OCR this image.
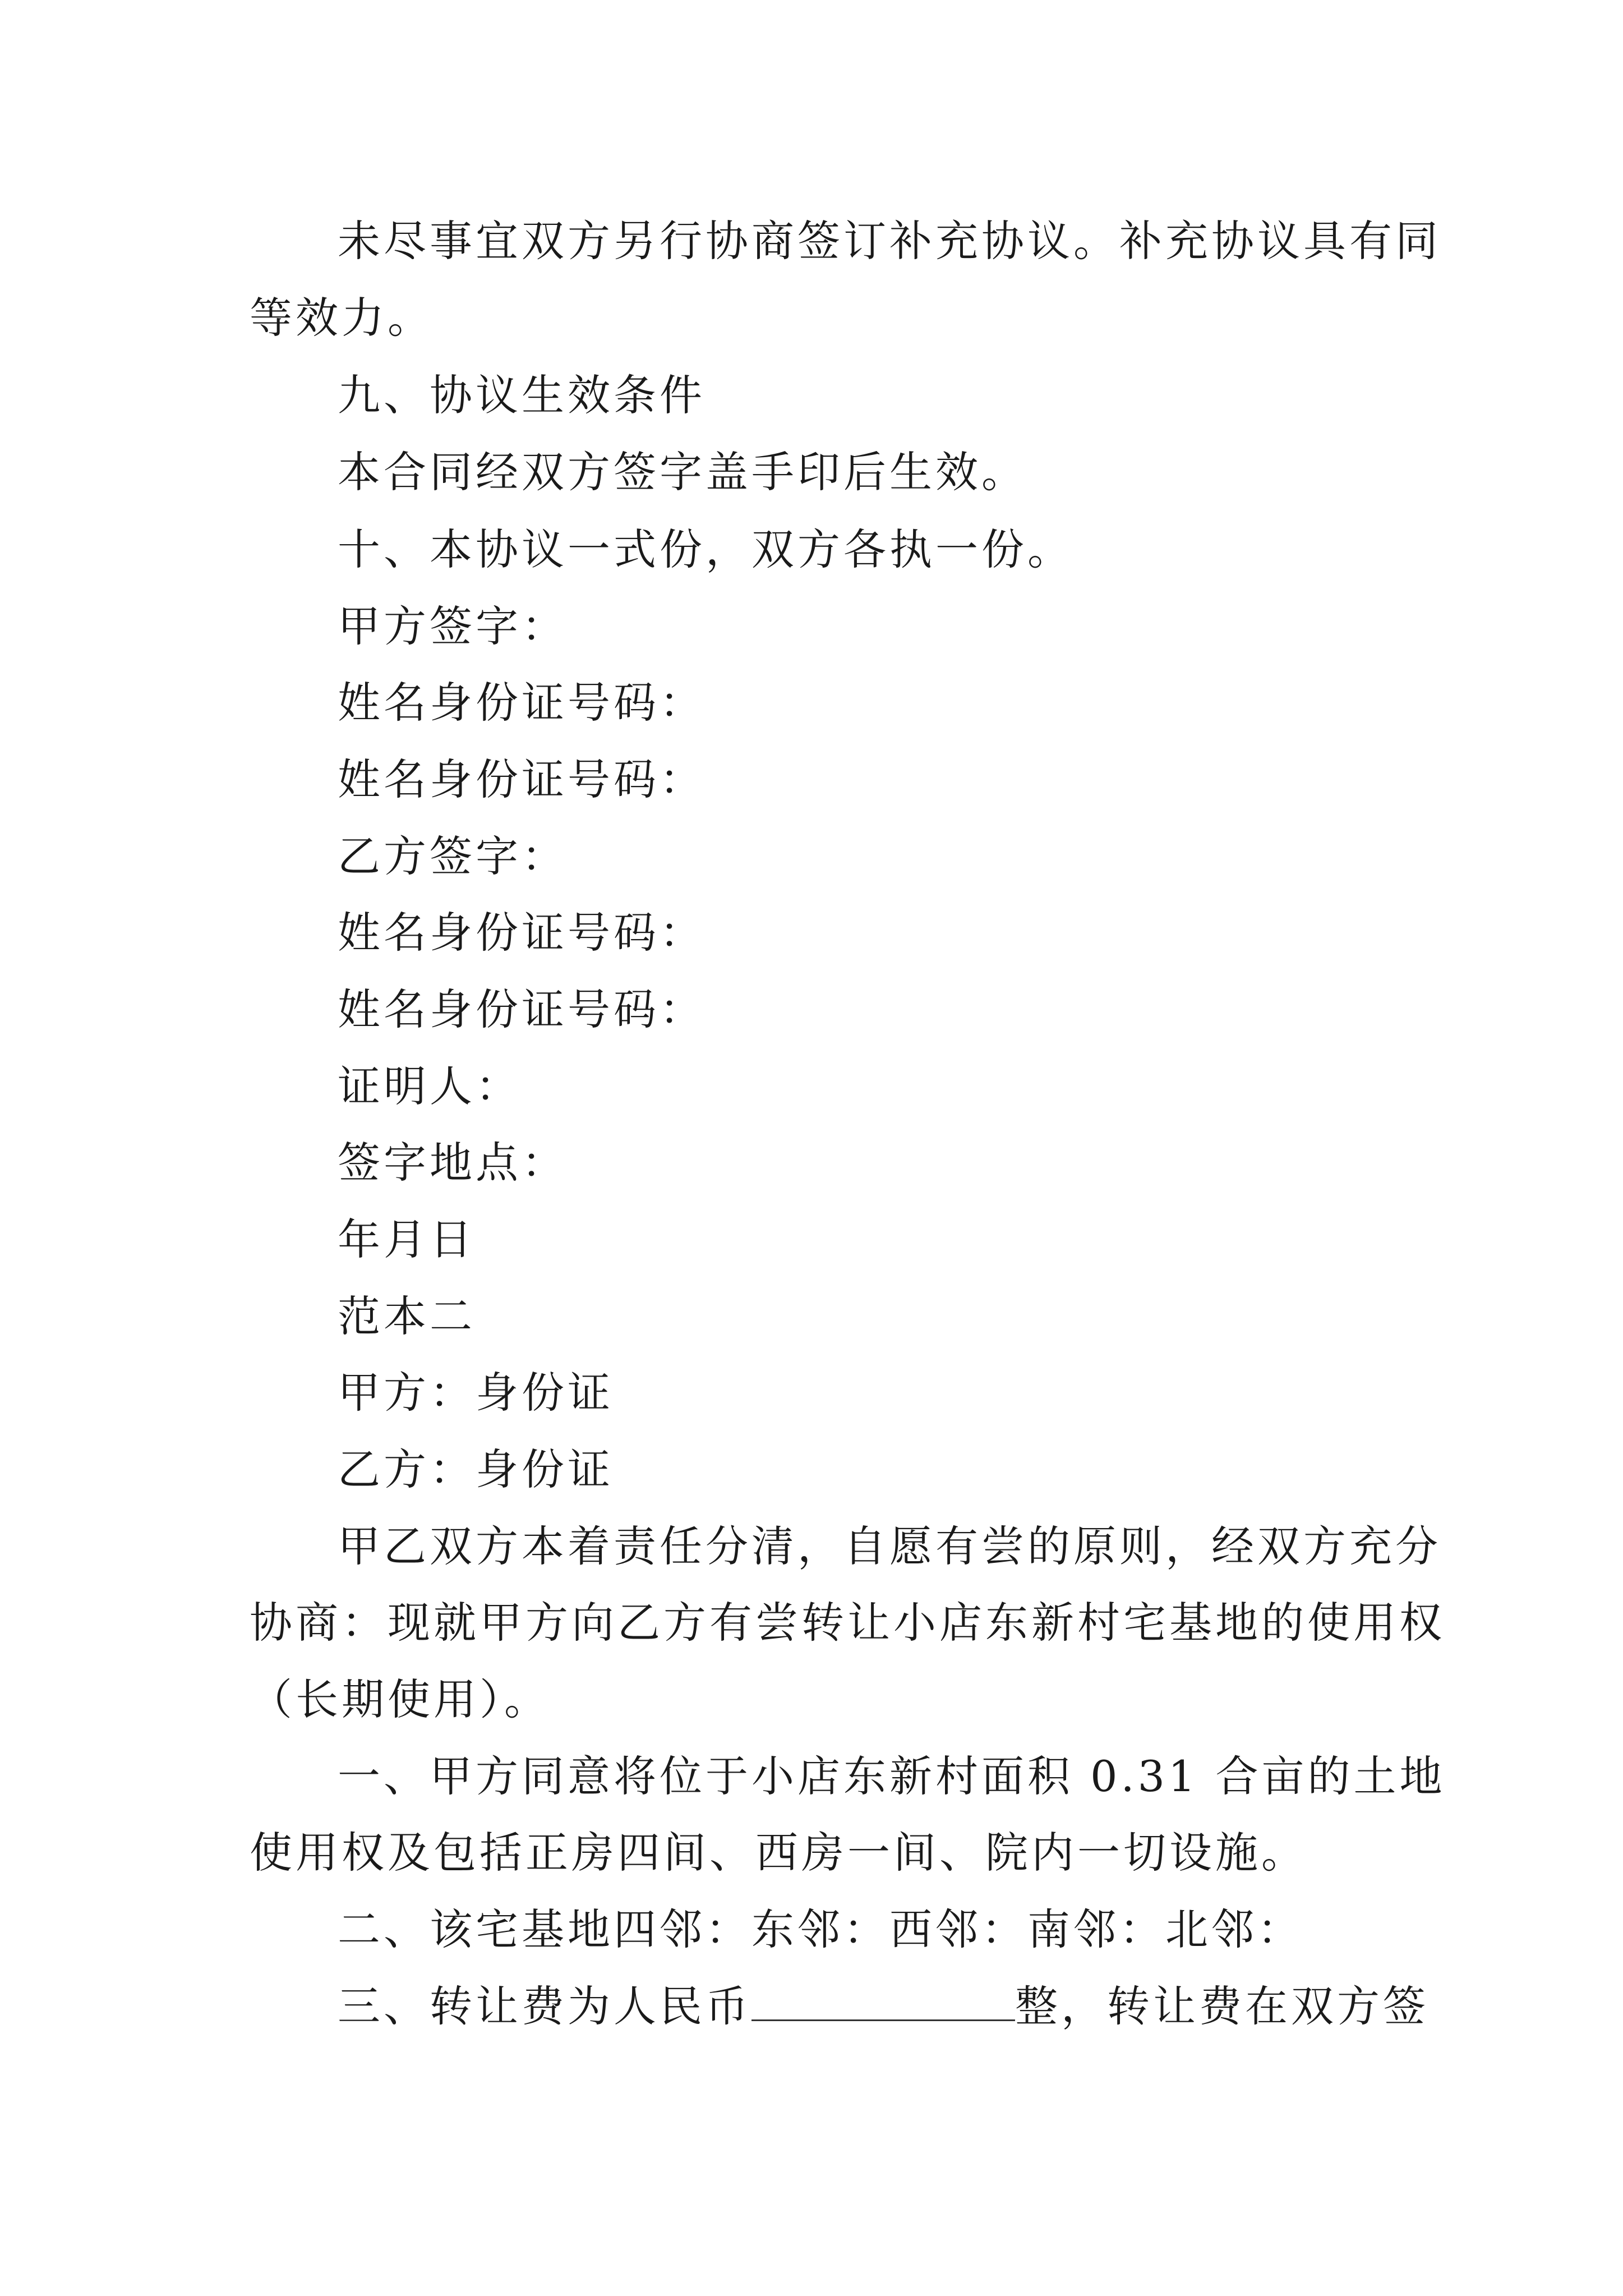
未尽事宜双方另行协商签订补充协议。补充协议具有同
等效力。
九、协议生效条件
本合同经双方签字盖手印后生效。
十、本协议一式份，双方各执一份。
甲方签字：
姓名身份证号码：
姓名身份证号码：
乙方签字：
姓名身份证号码：
姓名身份证号码：
证明人：
签字地点：
年月日
范本二
甲方：身份证
乙方：身份证
甲乙双方本着责任分清，自愿有尝的原则，经双方充分
协商：现就甲方向乙方有尝转让小店东新村宅基地的使用权
（长期使用）。
一、甲方同意将位于小店东新村面积 0.31 合亩的土地
使用权及包括正房四间、西房一间、院内一切设施。
二、该宅基地四邻：东邻：西邻：南邻：北邻：
三、转让费为人民币	整，转让费在双方签
